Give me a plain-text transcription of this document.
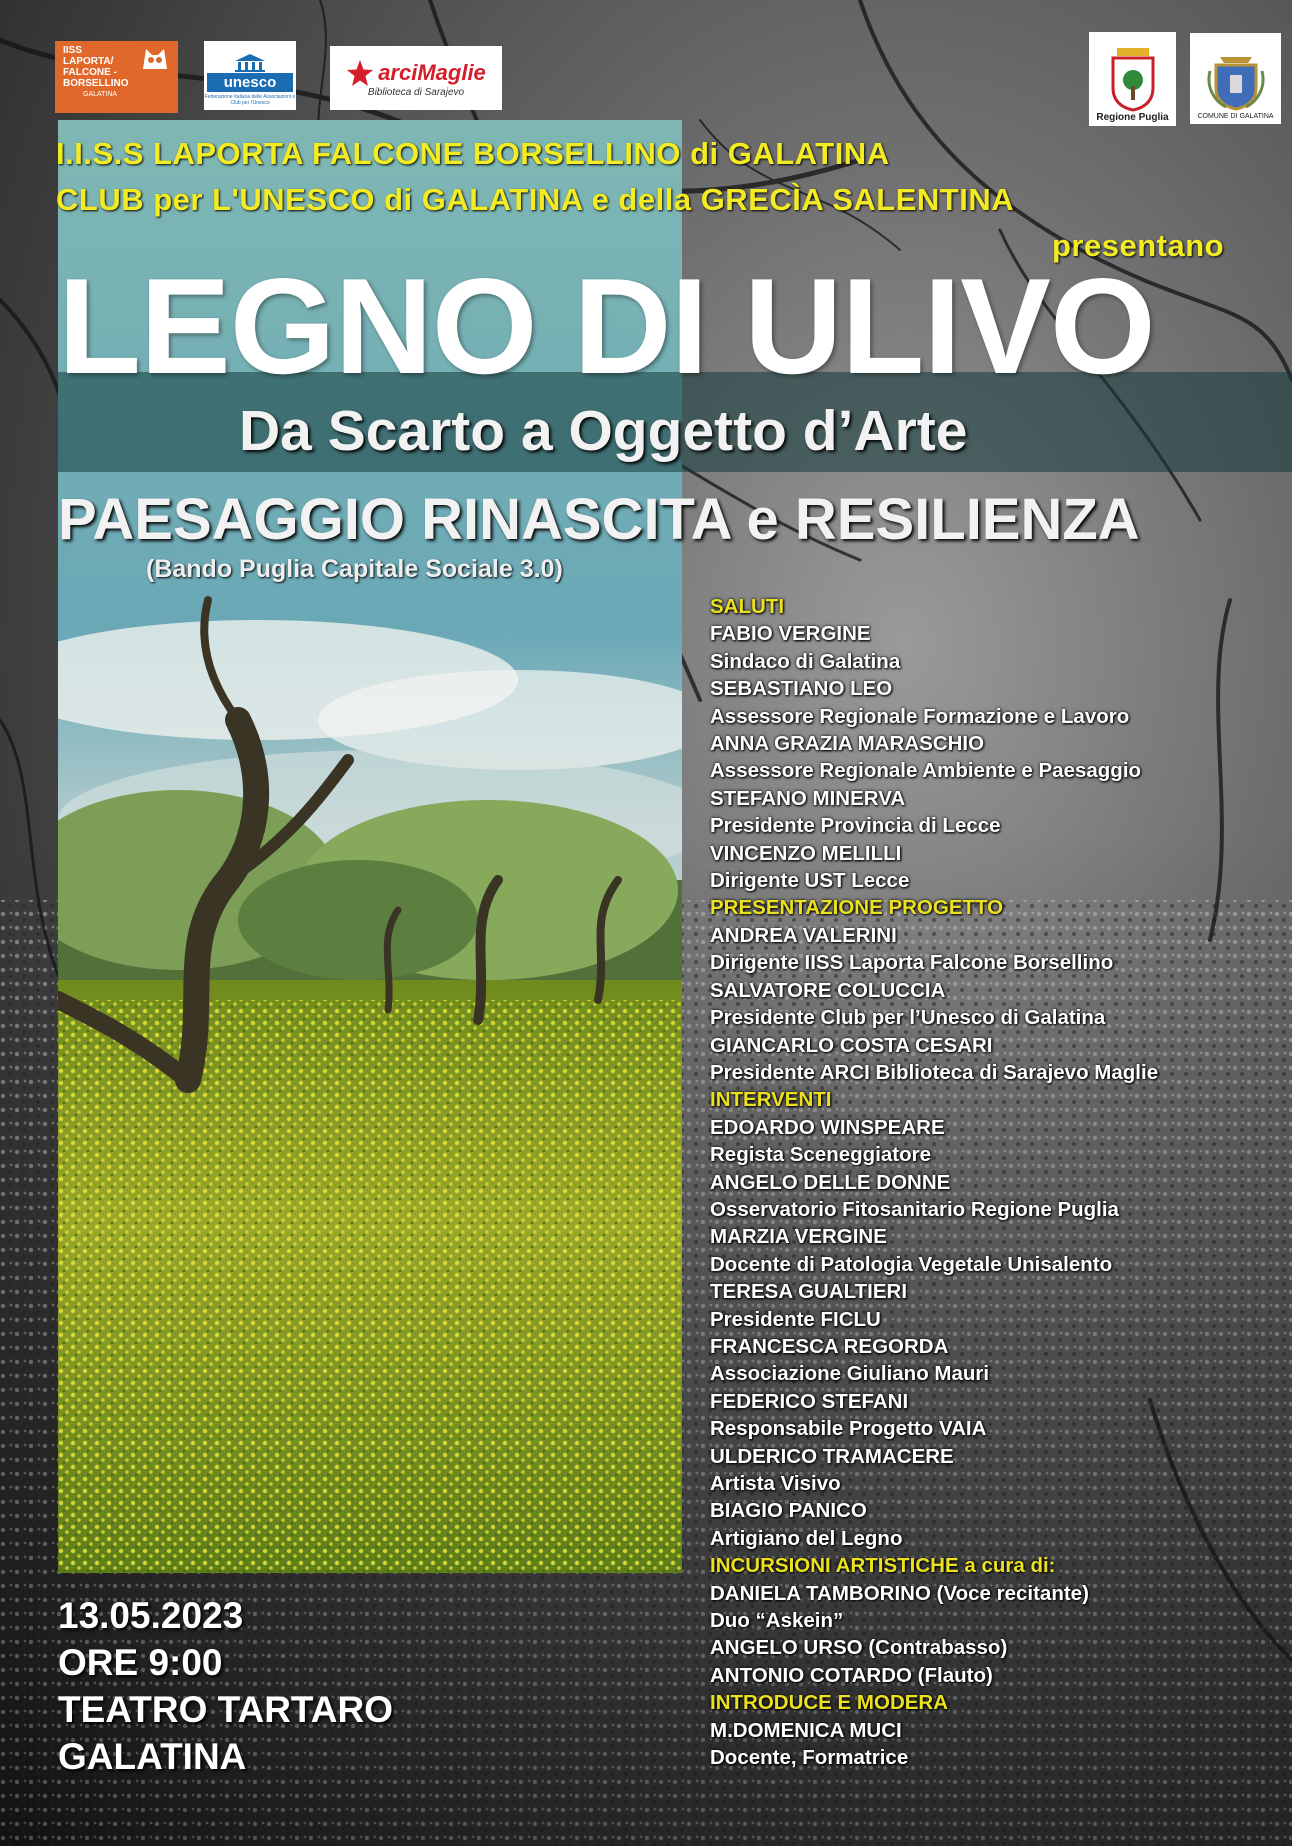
IISS
LAPORTA/
FALCONE -
BORSELLINO
GALATINA
unesco
Federazione Italiana delle Associazioni e Club per l'Unesco
arciMaglie
Biblioteca di Sarajevo
Regione Puglia	COMUNE DI GALATINA
I.I.S.S LAPORTA FALCONE BORSELLINO di GALATINA
CLUB per L'UNESCO di GALATINA e della GRECÌA SALENTINA
presentano
LEGNO DI ULIVO
Da Scarto a Oggetto d’Arte
PAESAGGIO RINASCITA e RESILIENZA
(Bando Puglia Capitale Sociale 3.0)
SALUTI
FABIO VERGINE
Sindaco di Galatina
SEBASTIANO LEO
Assessore Regionale Formazione e Lavoro
ANNA GRAZIA MARASCHIO
Assessore Regionale Ambiente e Paesaggio
STEFANO MINERVA
Presidente Provincia di Lecce
VINCENZO MELILLI
Dirigente UST Lecce
PRESENTAZIONE PROGETTO
ANDREA VALERINI
Dirigente IISS Laporta Falcone Borsellino
SALVATORE COLUCCIA
Presidente Club per l’Unesco di Galatina
GIANCARLO COSTA CESARI
Presidente ARCI Biblioteca di Sarajevo Maglie
INTERVENTI
EDOARDO WINSPEARE
Regista Sceneggiatore
ANGELO DELLE DONNE
Osservatorio Fitosanitario Regione Puglia
MARZIA VERGINE
Docente di Patologia Vegetale Unisalento
TERESA GUALTIERI
Presidente FICLU
FRANCESCA REGORDA
Associazione Giuliano Mauri
FEDERICO STEFANI
Responsabile Progetto VAIA
ULDERICO TRAMACERE
Artista Visivo
BIAGIO PANICO
Artigiano del Legno
INCURSIONI ARTISTICHE a cura di:
DANIELA TAMBORINO (Voce recitante)
Duo “Askein”
ANGELO URSO (Contrabasso)
ANTONIO COTARDO (Flauto)
INTRODUCE E MODERA
M.DOMENICA MUCI
Docente, Formatrice
13.05.2023
ORE 9:00
TEATRO TARTARO
GALATINA
